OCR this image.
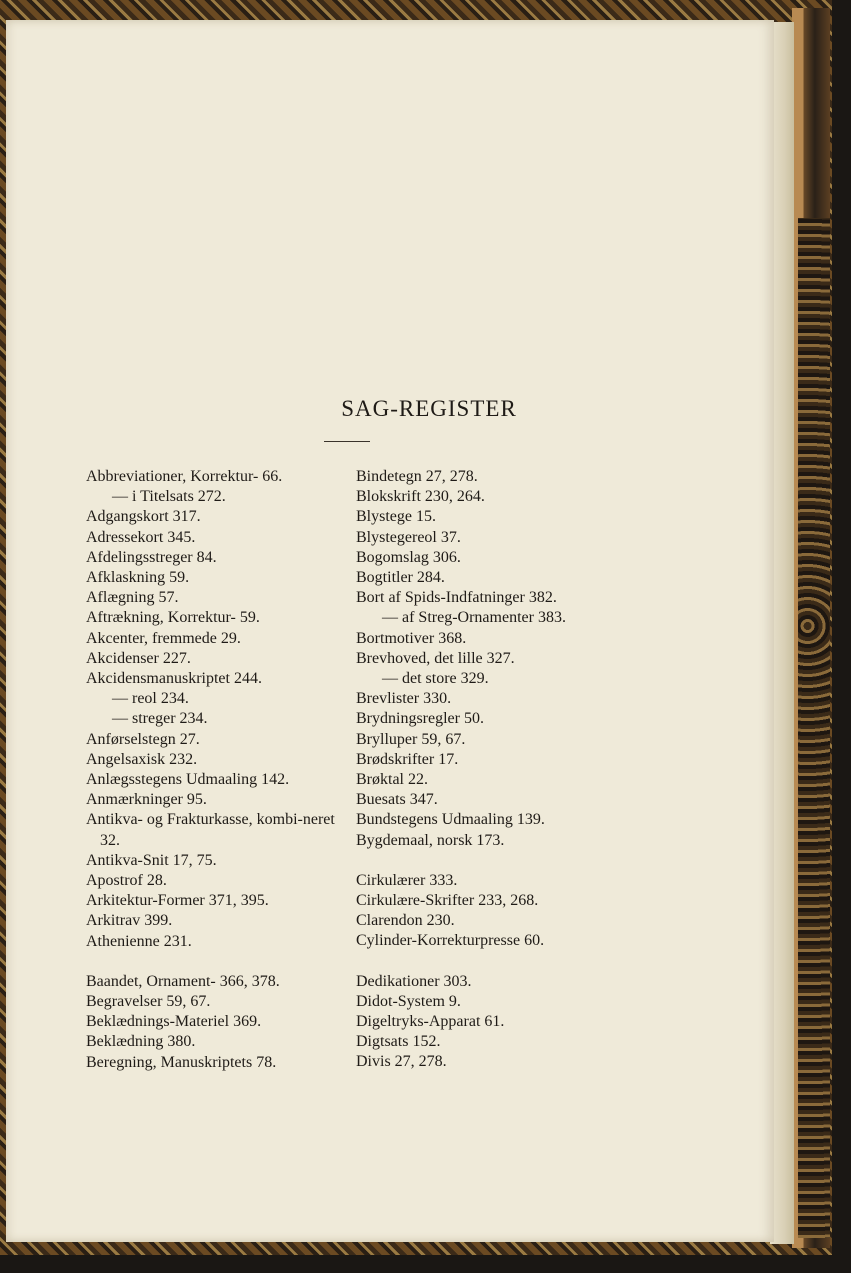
SAG-REGISTER

Abbreviationer, Korrektur- 66.

— i Titelsats 272.

Adgangskort 317.

Adressekort 345.

Afdelingsstreger 84.

Afklaskning 59.

Aflægning 57.

Aftrækning, Korrektur- 59.

Akcenter, fremmede 29.

Akcidenser 227.

Akcidensmanuskriptet 244.

— reol 234.

— streger 234.

Anførselstegn 27.

Angelsaxisk 232.

Anlægsstegens Udmaaling 142.

Anmærkninger 95.

Antikva- og Frakturkasse, kombi-neret 32.

Antikva-Snit 17, 75.

Apostrof 28.

Arkitektur-Former 371, 395.

Arkitrav 399.

Athenienne 231.

Baandet, Ornament- 366, 378.

Begravelser 59, 67.

Beklædnings-Materiel 369.

Beklædning 380.

Beregning, Manuskriptets 78.

Bindetegn 27, 278.

Blokskrift 230, 264.

Blystege 15.

Blystegereol 37.

Bogomslag 306.

Bogtitler 284.

Bort af Spids-Indfatninger 382.

— af Streg-Ornamenter 383.

Bortmotiver 368.

Brevhoved, det lille 327.

— det store 329.

Brevlister 330.

Brydningsregler 50.

Brylluper 59, 67.

Brødskrifter 17.

Brøktal 22.

Buesats 347.

Bundstegens Udmaaling 139.

Bygdemaal, norsk 173.

Cirkulærer 333.

Cirkulære-Skrifter 233, 268.

Clarendon 230.

Cylinder-Korrekturpresse 60.

Dedikationer 303.

Didot-System 9.

Digeltryks-Apparat 61.

Digtsats 152.

Divis 27, 278.
